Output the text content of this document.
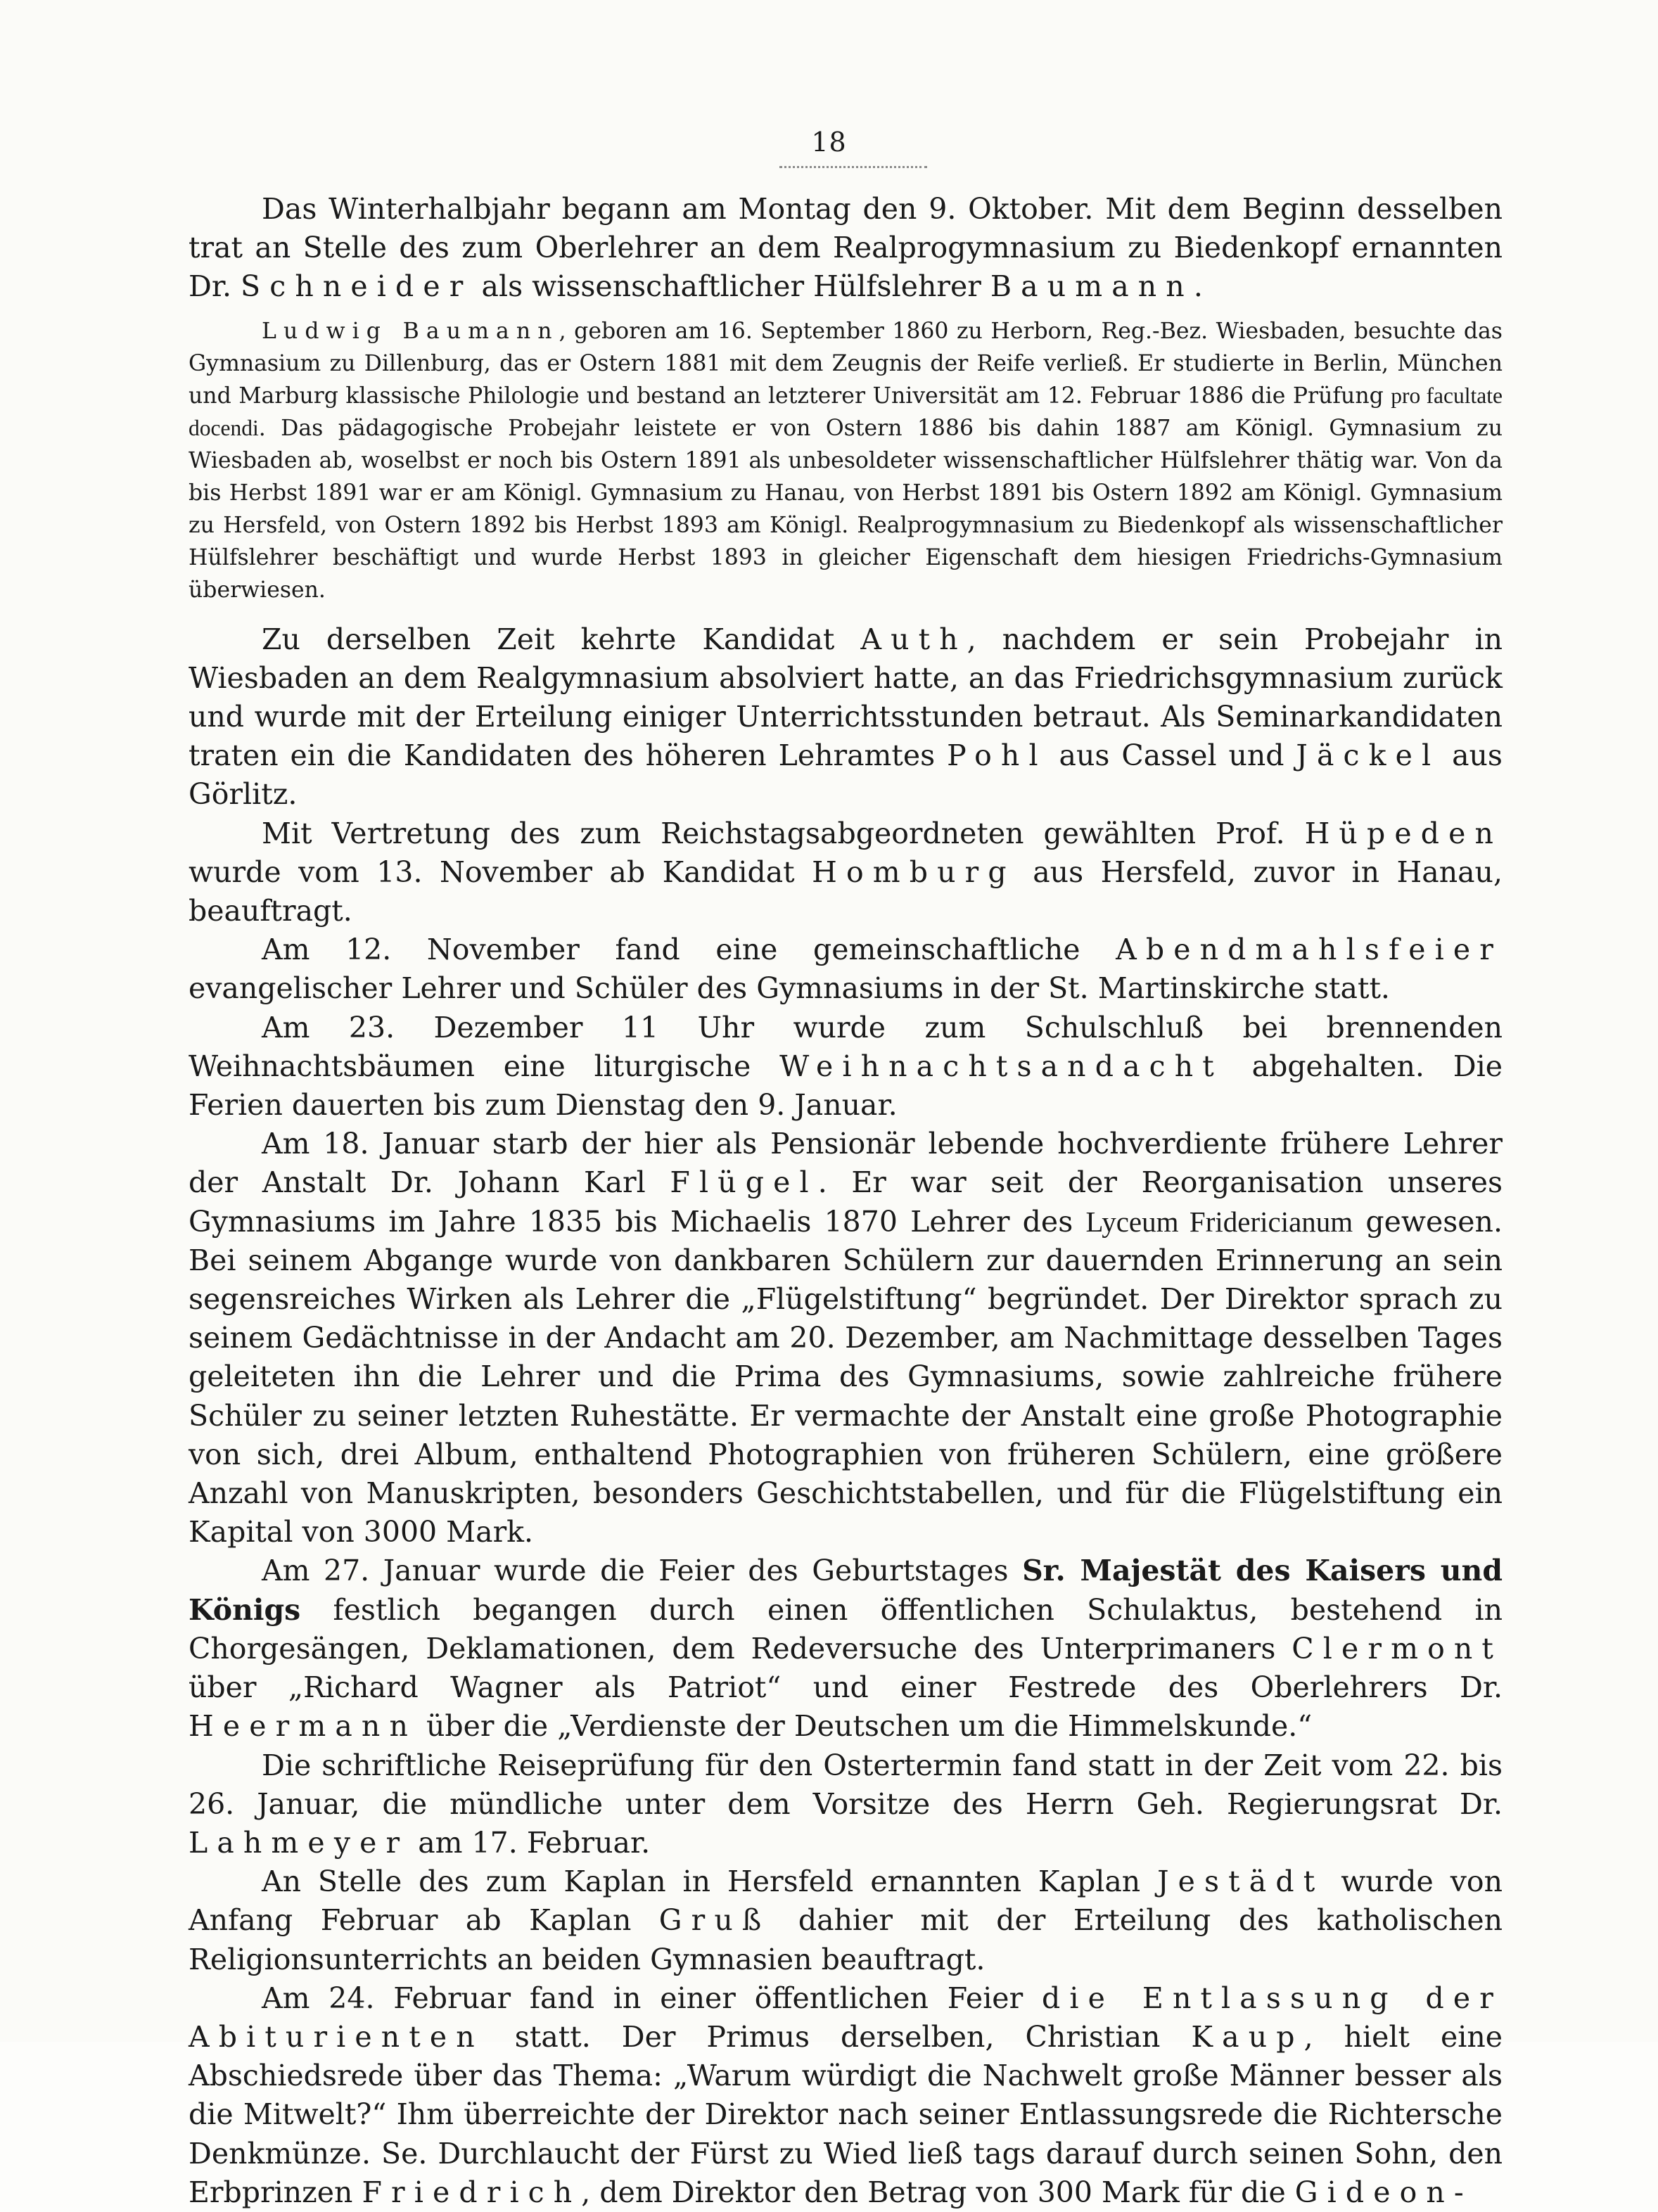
18

Das Winterhalbjahr begann am Montag den 9. Oktober. Mit dem Beginn desselben trat an Stelle des zum Oberlehrer an dem Realprogymnasium zu Biedenkopf ernannten Dr. Schneider als wissenschaftlicher Hülfslehrer Baumann.

Ludwig Baumann, geboren am 16. September 1860 zu Herborn, Reg.-Bez. Wiesbaden, besuchte das Gymnasium zu Dillenburg, das er Ostern 1881 mit dem Zeugnis der Reife verließ. Er studierte in Berlin, München und Marburg klassische Philologie und bestand an letzterer Universität am 12. Februar 1886 die Prüfung pro facultate docendi. Das pädagogische Probejahr leistete er von Ostern 1886 bis dahin 1887 am Königl. Gymnasium zu Wiesbaden ab, woselbst er noch bis Ostern 1891 als unbesoldeter wissenschaftlicher Hülfslehrer thätig war. Von da bis Herbst 1891 war er am Königl. Gymnasium zu Hanau, von Herbst 1891 bis Ostern 1892 am Königl. Gymnasium zu Hersfeld, von Ostern 1892 bis Herbst 1893 am Königl. Realprogymnasium zu Biedenkopf als wissenschaftlicher Hülfslehrer beschäftigt und wurde Herbst 1893 in gleicher Eigenschaft dem hiesigen Friedrichs-Gymnasium überwiesen.

Zu derselben Zeit kehrte Kandidat Auth, nachdem er sein Probejahr in Wiesbaden an dem Realgymnasium absolviert hatte, an das Friedrichsgymnasium zurück und wurde mit der Erteilung einiger Unterrichtsstunden betraut. Als Seminarkandidaten traten ein die Kandidaten des höheren Lehramtes Pohl aus Cassel und Jäckel aus Görlitz.

Mit Vertretung des zum Reichstagsabgeordneten gewählten Prof. Hüpeden wurde vom 13. November ab Kandidat Homburg aus Hersfeld, zuvor in Hanau, beauftragt.

Am 12. November fand eine gemeinschaftliche Abendmahlsfeier evangelischer Lehrer und Schüler des Gymnasiums in der St. Martinskirche statt.

Am 23. Dezember 11 Uhr wurde zum Schulschluß bei brennenden Weihnachtsbäumen eine liturgische Weihnachtsandacht abgehalten. Die Ferien dauerten bis zum Dienstag den 9. Januar.

Am 18. Januar starb der hier als Pensionär lebende hochverdiente frühere Lehrer der Anstalt Dr. Johann Karl Flügel. Er war seit der Reorganisation unseres Gymnasiums im Jahre 1835 bis Michaelis 1870 Lehrer des Lyceum Fridericianum gewesen. Bei seinem Abgange wurde von dankbaren Schülern zur dauernden Erinnerung an sein segensreiches Wirken als Lehrer die „Flügelstiftung“ begründet. Der Direktor sprach zu seinem Gedächtnisse in der Andacht am 20. Dezember, am Nachmittage desselben Tages geleiteten ihn die Lehrer und die Prima des Gymnasiums, sowie zahlreiche frühere Schüler zu seiner letzten Ruhestätte. Er vermachte der Anstalt eine große Photographie von sich, drei Album, enthaltend Photographien von früheren Schülern, eine größere Anzahl von Manuskripten, besonders Geschichtstabellen, und für die Flügelstiftung ein Kapital von 3000 Mark.

Am 27. Januar wurde die Feier des Geburtstages Sr. Majestät des Kaisers und Königs festlich begangen durch einen öffentlichen Schulaktus, bestehend in Chorgesängen, Deklamationen, dem Redeversuche des Unterprimaners Clermont über „Richard Wagner als Patriot“ und einer Festrede des Oberlehrers Dr. Heermann über die „Verdienste der Deutschen um die Himmelskunde.“

Die schriftliche Reiseprüfung für den Ostertermin fand statt in der Zeit vom 22. bis 26. Januar, die mündliche unter dem Vorsitze des Herrn Geh. Regierungsrat Dr. Lahmeyer am 17. Februar.

An Stelle des zum Kaplan in Hersfeld ernannten Kaplan Jestädt wurde von Anfang Februar ab Kaplan Gruß dahier mit der Erteilung des katholischen Religionsunterrichts an beiden Gymnasien beauftragt.

Am 24. Februar fand in einer öffentlichen Feier die Entlassung der Abiturienten statt. Der Primus derselben, Christian Kaup, hielt eine Abschiedsrede über das Thema: „Warum würdigt die Nachwelt große Männer besser als die Mitwelt?“ Ihm überreichte der Direktor nach seiner Entlassungsrede die Richtersche Denkmünze. Se. Durchlaucht der Fürst zu Wied ließ tags darauf durch seinen Sohn, den Erbprinzen Friedrich, dem Direktor den Betrag von 300 Mark für die Gideon-
